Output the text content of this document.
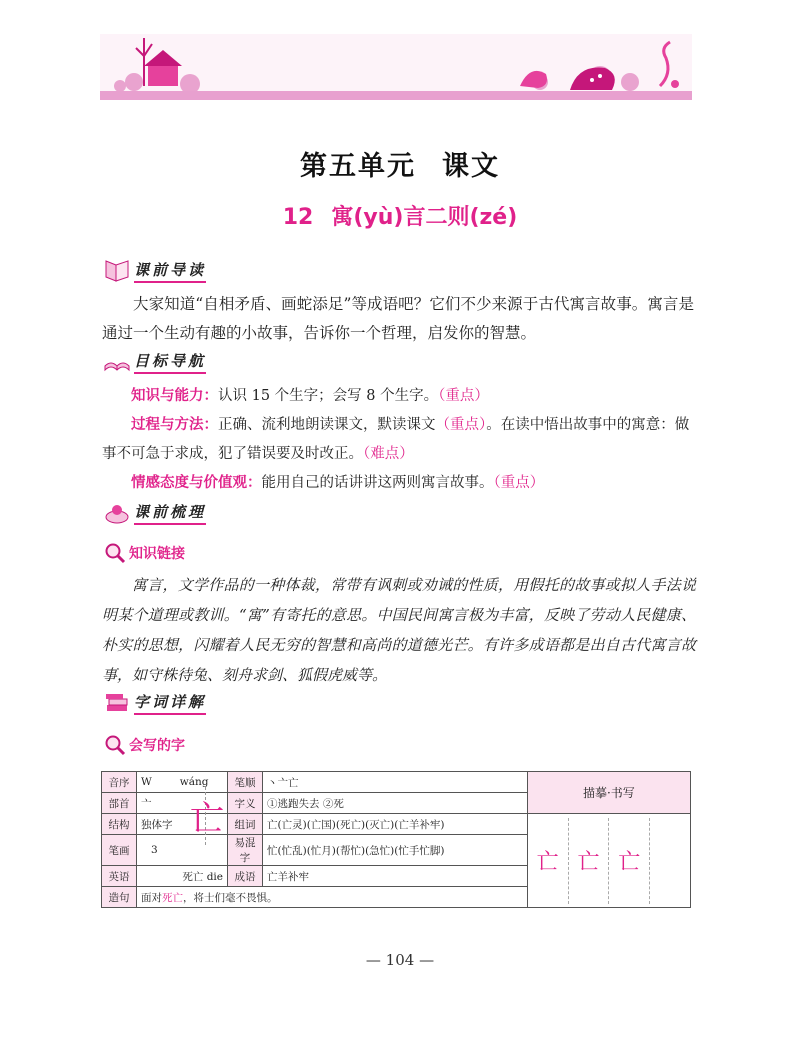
第五单元 课文
12 寓(yù)言二则(zé)
课前导读
大家知道“自相矛盾、画蛇添足”等成语吧？它们不少来源于古代寓言故事。寓言是通过一个生动有趣的小故事，告诉你一个哲理，启发你的智慧。
目标导航
知识与能力：认识 15 个生字；会写 8 个生字。（重点）
过程与方法：正确、流利地朗读课文，默读课文（重点）。在读中悟出故事中的寓意：做事不可急于求成，犯了错误要及时改正。（难点）
情感态度与价值观：能用自己的话讲讲这两则寓言故事。（重点）
课前梳理
知识链接
寓言，文学作品的一种体裁，常带有讽刺或劝诫的性质，用假托的故事或拟人手法说明某个道理或教训。“寓”有寄托的意思。中国民间寓言极为丰富，反映了劳动人民健康、朴实的思想，闪耀着人民无穷的智慧和高尚的道德光芒。有许多成语都是出自古代寓言故事，如守株待兔、刻舟求剑、狐假虎威等。
字词详解
会写的字
音序	W wáng	笔顺	丶亠亡	描摹·书写
部首	亠	字义	①逃跑失去 ②死	
结构	独体字	组词	亡(亡灵)(亡国)(死亡)(灭亡)(亡羊补牢)	亡 亡 亡

笔画	3	易混字	忙(忙乱)(忙月)(帮忙)(急忙)(忙手忙脚)	
英语	死亡 die	成语	亡羊补牢	
造句	面对死亡，将士们毫不畏惧。			
亡
— 104 —
